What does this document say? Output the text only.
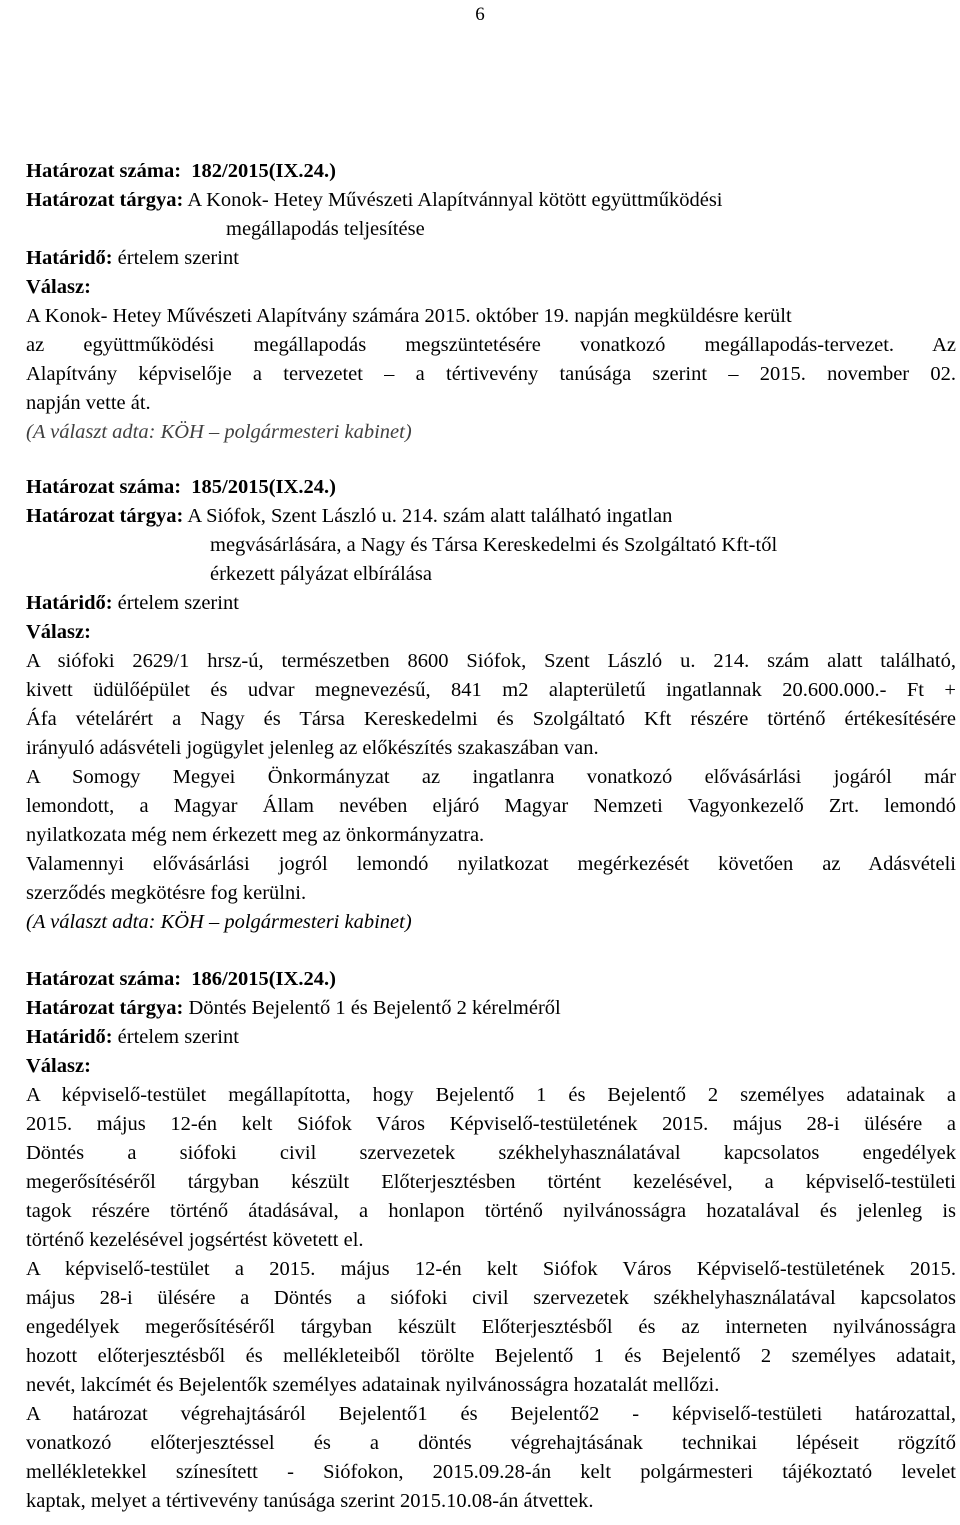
6
Határozat száma: 182/2015(IX.24.)
Határozat tárgya: A Konok- Hetey Művészeti Alapítvánnyal kötött együttműködési
megállapodás teljesítése
Határidő: értelem szerint
Válasz:
A Konok- Hetey Művészeti Alapítvány számára 2015. október 19. napján megküldésre került
az együttműködési megállapodás megszüntetésére vonatkozó megállapodás-tervezet. Az
Alapítvány képviselője a tervezetet – a tértivevény tanúsága szerint – 2015. november 02.
napján vette át.
(A választ adta: KÖH – polgármesteri kabinet)
Határozat száma: 185/2015(IX.24.)
Határozat tárgya: A Siófok, Szent László u. 214. szám alatt található ingatlan
megvásárlására, a Nagy és Társa Kereskedelmi és Szolgáltató Kft-től
érkezett pályázat elbírálása
Határidő: értelem szerint
Válasz:
A siófoki 2629/1 hrsz-ú, természetben 8600 Siófok, Szent László u. 214. szám alatt található,
kivett üdülőépület és udvar megnevezésű, 841 m2 alapterületű ingatlannak 20.600.000.- Ft +
Áfa vételárért a Nagy és Társa Kereskedelmi és Szolgáltató Kft részére történő értékesítésére
irányuló adásvételi jogügylet jelenleg az előkészítés szakaszában van.
A Somogy Megyei Önkormányzat az ingatlanra vonatkozó elővásárlási jogáról már
lemondott, a Magyar Állam nevében eljáró Magyar Nemzeti Vagyonkezelő Zrt. lemondó
nyilatkozata még nem érkezett meg az önkormányzatra.
Valamennyi elővásárlási jogról lemondó nyilatkozat megérkezését követően az Adásvételi
szerződés megkötésre fog kerülni.
(A választ adta: KÖH – polgármesteri kabinet)
Határozat száma: 186/2015(IX.24.)
Határozat tárgya: Döntés Bejelentő 1 és Bejelentő 2 kérelméről
Határidő: értelem szerint
Válasz:
A képviselő-testület megállapította, hogy Bejelentő 1 és Bejelentő 2 személyes adatainak a
2015. május 12-én kelt Siófok Város Képviselő-testületének 2015. május 28-i ülésére a
Döntés a siófoki civil szervezetek székhelyhasználatával kapcsolatos engedélyek
megerősítéséről tárgyban készült Előterjesztésben történt kezelésével, a képviselő-testületi
tagok részére történő átadásával, a honlapon történő nyilvánosságra hozatalával és jelenleg is
történő kezelésével jogsértést követett el.
A képviselő-testület a 2015. május 12-én kelt Siófok Város Képviselő-testületének 2015.
május 28-i ülésére a Döntés a siófoki civil szervezetek székhelyhasználatával kapcsolatos
engedélyek megerősítéséről tárgyban készült Előterjesztésből és az interneten nyilvánosságra
hozott előterjesztésből és mellékleteiből törölte Bejelentő 1 és Bejelentő 2 személyes adatait,
nevét, lakcímét és Bejelentők személyes adatainak nyilvánosságra hozatalát mellőzi.
A határozat végrehajtásáról Bejelentő1 és Bejelentő2 - képviselő-testületi határozattal,
vonatkozó előterjesztéssel és a döntés végrehajtásának technikai lépéseit rögzítő
mellékletekkel színesített - Siófokon, 2015.09.28-án kelt polgármesteri tájékoztató levelet
kaptak, melyet a tértivevény tanúsága szerint 2015.10.08-án átvettek.
